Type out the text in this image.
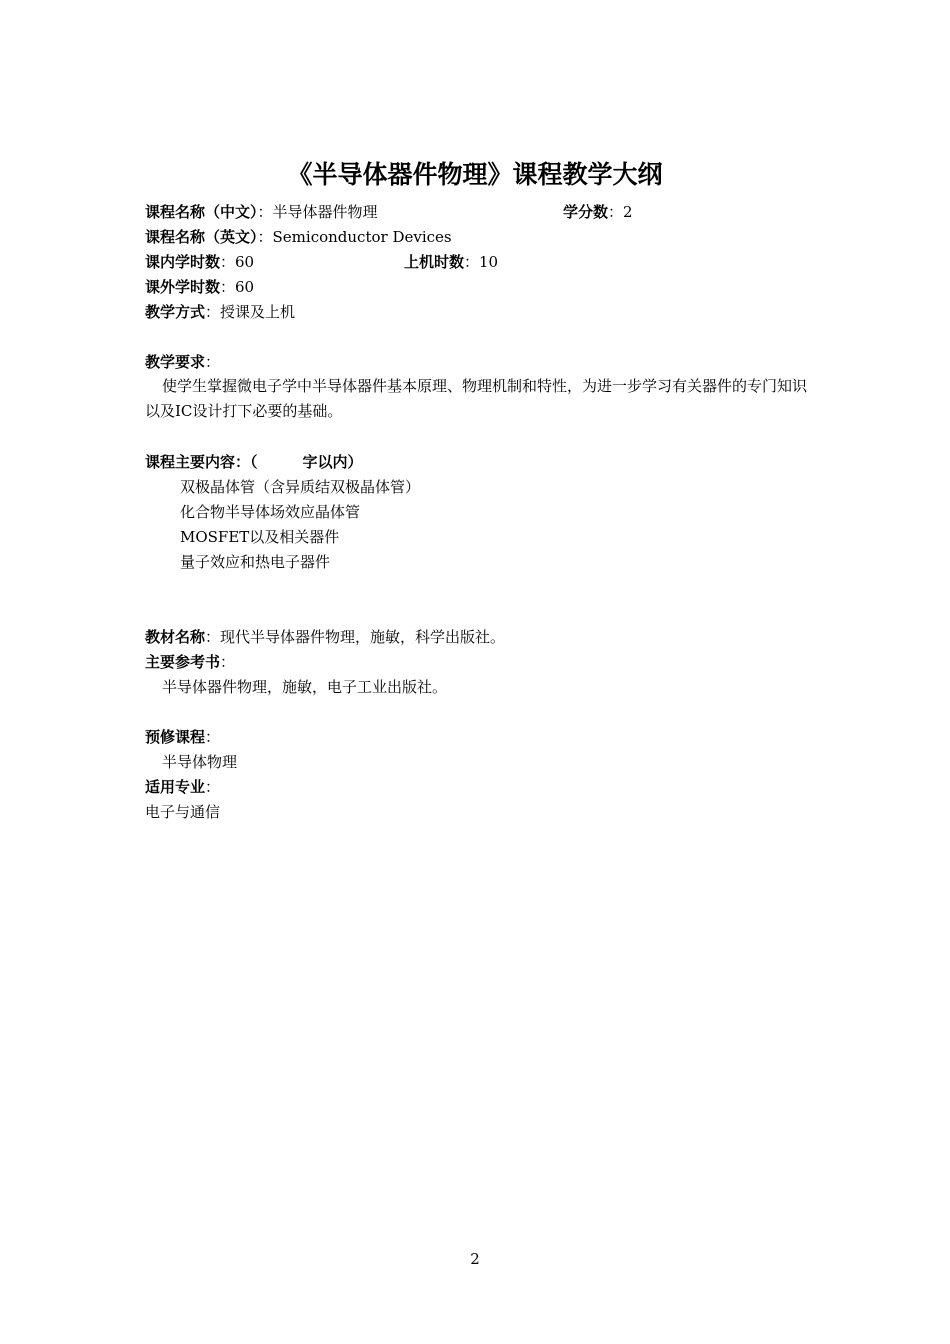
《半导体器件物理》课程教学大纲
课程名称（中文）：半导体器件物理	学分数：2
课程名称（英文）：Semiconductor Devices
课内学时数：60	上机时数：10
课外学时数：60
教学方式：授课及上机
教学要求：
使学生掌握微电子学中半导体器件基本原理、物理机制和特性，为进一步学习有关器件的专门知识以及IC设计打下必要的基础。
课程主要内容：（	字以内）
双极晶体管（含异质结双极晶体管）
化合物半导体场效应晶体管
MOSFET以及相关器件
量子效应和热电子器件
教材名称：现代半导体器件物理，施敏，科学出版社。
主要参考书：
半导体器件物理，施敏，电子工业出版社。
预修课程：
半导体物理
适用专业：
电子与通信
2
